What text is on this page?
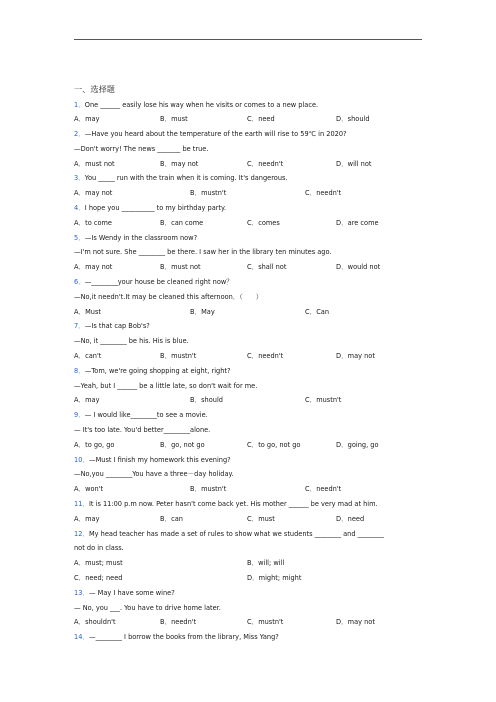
一、选择题
1．One ______ easily lose his way when he visits or comes to a new place.
A．may	B．must	C．need	D．should
2．—Have you heard about the temperature of the earth will rise to 59℃ in 2020?
—Don't worry! The news _______ be true.
A．must not	B．may not	C．needn't	D．will not
3．You _____ run with the train when it is coming. It's dangerous.
A．may not	B．mustn't	C．needn't
4．I hope you __________ to my birthday party.
A．to come	B．can come	C．comes	D．are come
5．—Is Wendy in the classroom now?
—I'm not sure. She ________ be there. I saw her in the library ten minutes ago.
A．may not	B．must not	C．shall not	D．would not
6．—________your house be cleaned right now？
—No,it needn't.It may be cleaned this afternoon．（　　）
A．Must	B．May	C．Can
7．—Is that cap Bob's?
—No, it ________ be his. His is blue.
A．can't	B．mustn't	C．needn't	D．may not
8．—Tom, we're going shopping at eight, right?
—Yeah, but I ______ be a little late, so don't wait for me.
A．may	B．should	C．mustn't
9．— I would like________to see a movie.
— It's too late. You'd better________alone.
A．to go, go	B．go, not go	C．to go, not go	D．going, go
10．—Must I finish my homework this evening?
—No,you ________You have a three－day holiday.
A．won't	B．mustn't	C．needn't
11．It is 11:00 p.m now. Peter hasn't come back yet. His mother ______ be very mad at him.
A．may	B．can	C．must	D．need
12．My head teacher has made a set of rules to show what we students ________ and ________
not do in class.
A．must; must	B．will; will
C．need; need	D．might; might
13．— May I have some wine?
— No, you ___. You have to drive home later.
A．shouldn't	B．needn't	C．mustn't	D．may not
14．—________ I borrow the books from the library, Miss Yang?
